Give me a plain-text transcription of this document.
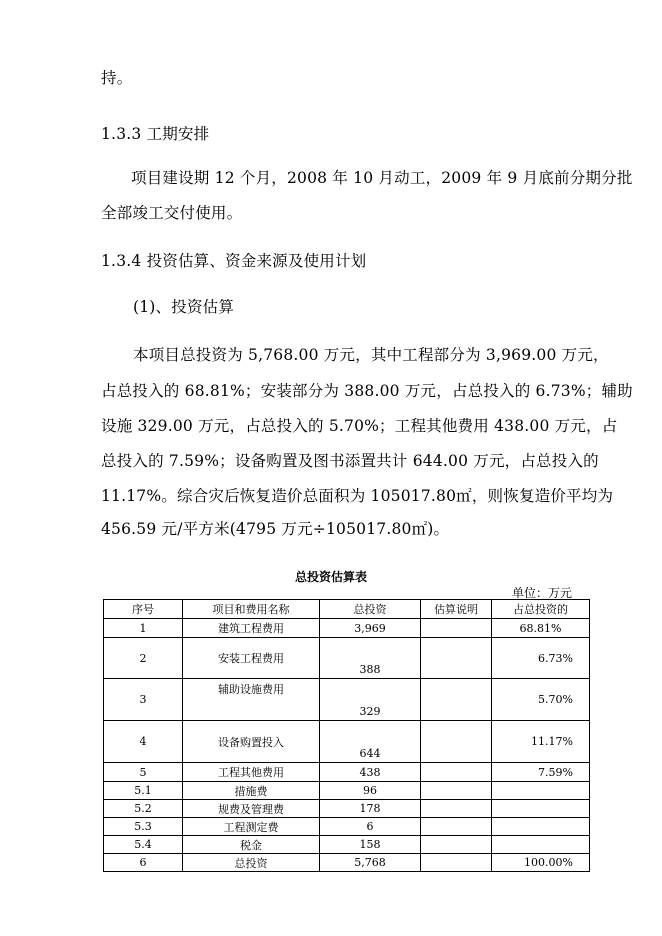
持。
1.3.3 工期安排
项目建设期 12 个月，2008 年 10 月动工，2009 年 9 月底前分期分批
全部竣工交付使用。
1.3.4 投资估算、资金来源及使用计划
(1)、投资估算
本项目总投资为 5,768.00 万元，其中工程部分为 3,969.00 万元，
占总投入的 68.81%；安装部分为 388.00 万元，占总投入的 6.73%；辅助
设施 329.00 万元，占总投入的 5.70%；工程其他费用 438.00 万元，占
总投入的 7.59%；设备购置及图书添置共计 644.00 万元，占总投入的
11.17%。综合灾后恢复造价总面积为 105017.80㎡，则恢复造价平均为
456.59 元/平方米(4795 万元÷105017.80㎡)。
总投资估算表
单位：万元
序号	项目和费用名称	总投资	估算说明	占总投资的
1	建筑工程费用	3,969		68.81%
2	安装工程费用	388		6.73%
3	辅助设施费用	329		5.70%
4	设备购置投入	644		11.17%
5	工程其他费用	438		7.59%
5.1	措施费	96		
5.2	规费及管理费	178		
5.3	工程测定费	6		
5.4	税金	158		
6	总投资	5,768		100.00%
